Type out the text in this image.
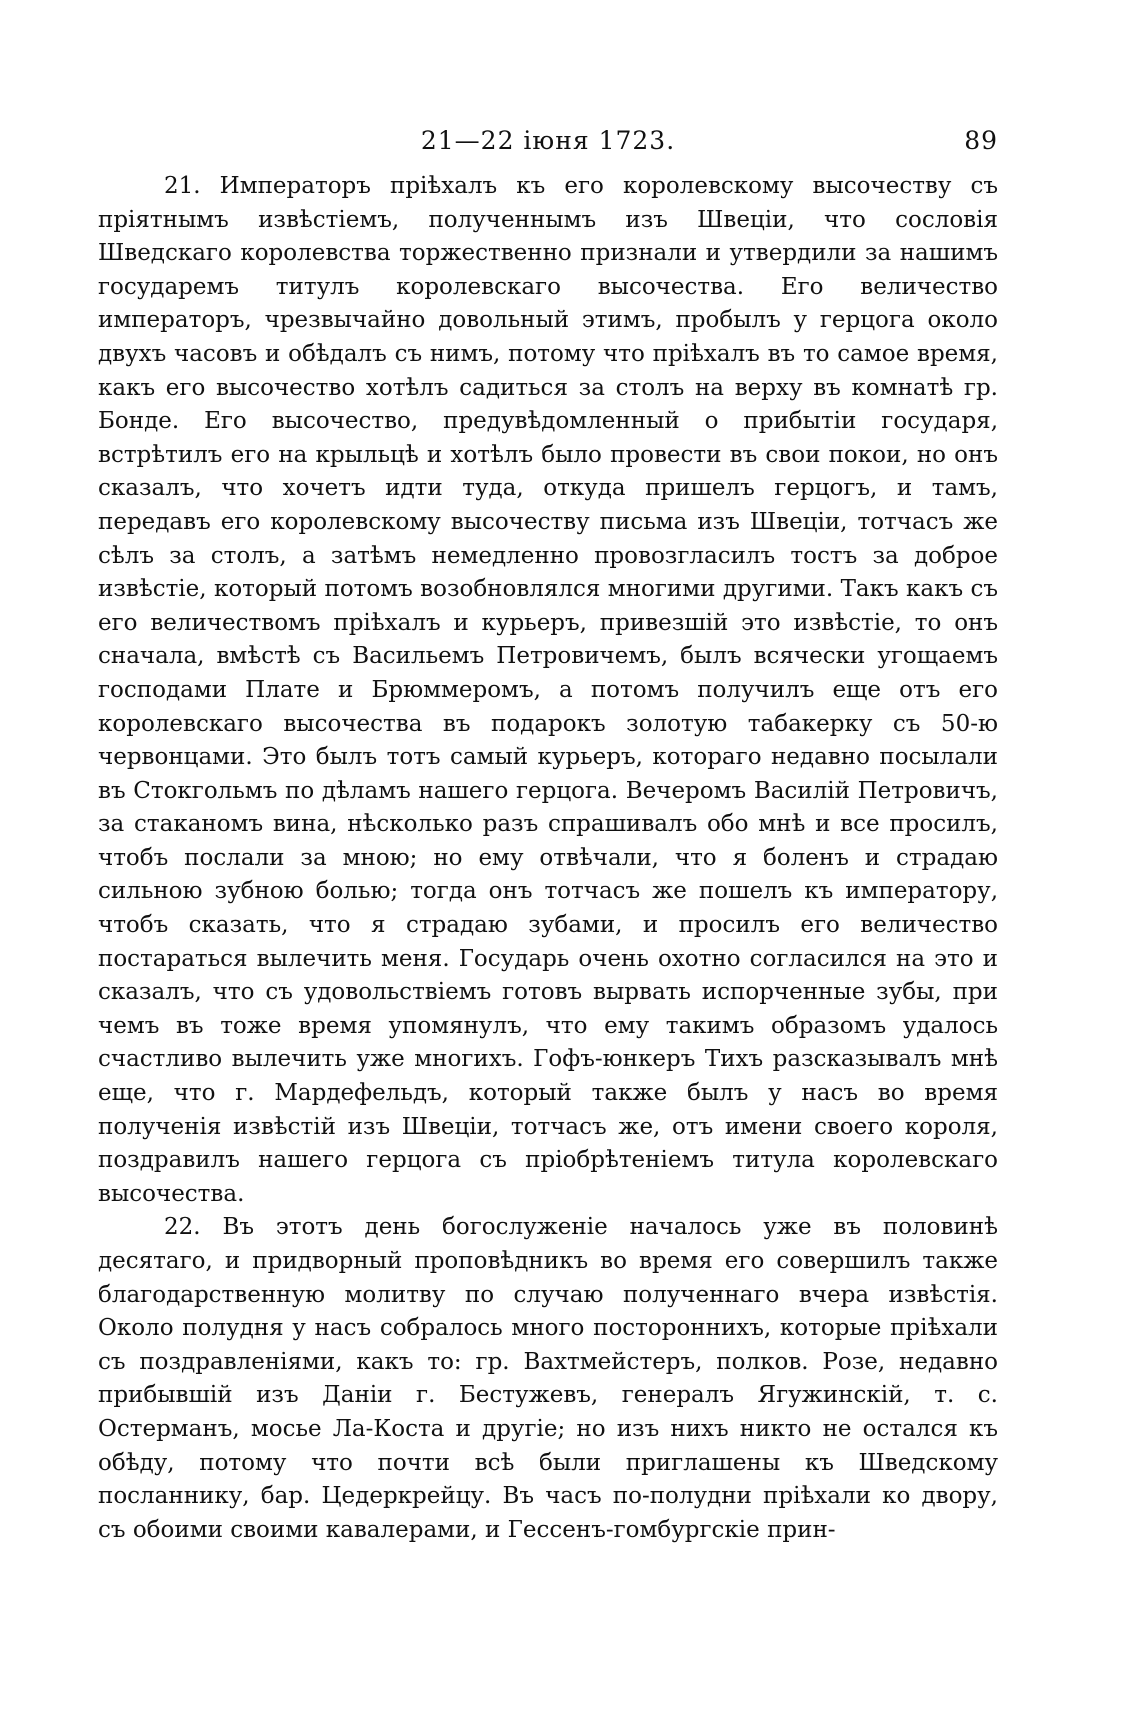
21—22 іюня 1723.	89

21. Императоръ пріѣхалъ къ его королевскому высочеству съ пріятнымъ извѣстіемъ, полученнымъ изъ Швеціи, что сословія Шведскаго королевства торжественно признали и утвердили за нашимъ государемъ титулъ королевскаго высочества. Его величество императоръ, чрезвычайно довольный этимъ, пробылъ у герцога около двухъ часовъ и обѣдалъ съ нимъ, потому что пріѣхалъ въ то самое время, какъ его высочество хотѣлъ садиться за столъ на верху въ комнатѣ гр. Бонде. Его высочество, предувѣдомленный о прибытіи государя, встрѣтилъ его на крыльцѣ и хотѣлъ было провести въ свои покои, но онъ сказалъ, что хочетъ идти туда, откуда пришелъ герцогъ, и тамъ, передавъ его королевскому высочеству письма изъ Швеціи, тотчасъ же сѣлъ за столъ, а затѣмъ немедленно провозгласилъ тостъ за доброе извѣстіе, который потомъ возобновлялся многими другими. Такъ какъ съ его величествомъ пріѣхалъ и курьеръ, привезшій это извѣстіе, то онъ сначала, вмѣстѣ съ Васильемъ Петровичемъ, былъ всячески угощаемъ господами Плате и Брюммеромъ, а потомъ получилъ еще отъ его королевскаго высочества въ подарокъ золотую табакерку съ 50-ю червонцами. Это былъ тотъ самый курьеръ, котораго недавно посылали въ Стокгольмъ по дѣламъ нашего герцога. Вечеромъ Василій Петровичъ, за стаканомъ вина, нѣсколько разъ спрашивалъ обо мнѣ и все просилъ, чтобъ послали за мною; но ему отвѣчали, что я боленъ и страдаю сильною зубною болью; тогда онъ тотчасъ же пошелъ къ императору, чтобъ сказать, что я страдаю зубами, и просилъ его величество постараться вылечить меня. Государь очень охотно согласился на это и сказалъ, что съ удовольствіемъ готовъ вырвать испорченные зубы, при чемъ въ тоже время упомянулъ, что ему такимъ образомъ удалось счастливо вылечить уже многихъ. Гофъ-юнкеръ Тихъ разсказывалъ мнѣ еще, что г. Мардефельдъ, который также былъ у насъ во время полученія извѣстій изъ Швеціи, тотчасъ же, отъ имени своего короля, поздравилъ нашего герцога съ пріобрѣтеніемъ титула королевскаго высочества.

22. Въ этотъ день богослуженіе началось уже въ половинѣ десятаго, и придворный проповѣдникъ во время его совершилъ также благодарственную молитву по случаю полученнаго вчера извѣстія. Около полудня у насъ собралось много постороннихъ, которые пріѣхали съ поздравленіями, какъ то: гр. Вахтмейстеръ, полков. Розе, недавно прибывшій изъ Даніи г. Бестужевъ, генералъ Ягужинскій, т. с. Остерманъ, мосье Ла-Коста и другіе; но изъ нихъ никто не остался къ обѣду, потому что почти всѣ были приглашены къ Шведскому посланнику, бар. Цедеркрейцу. Въ часъ по-полудни пріѣхали ко двору, съ обоими своими кавалерами, и Гессенъ-гомбургскіе прин-
